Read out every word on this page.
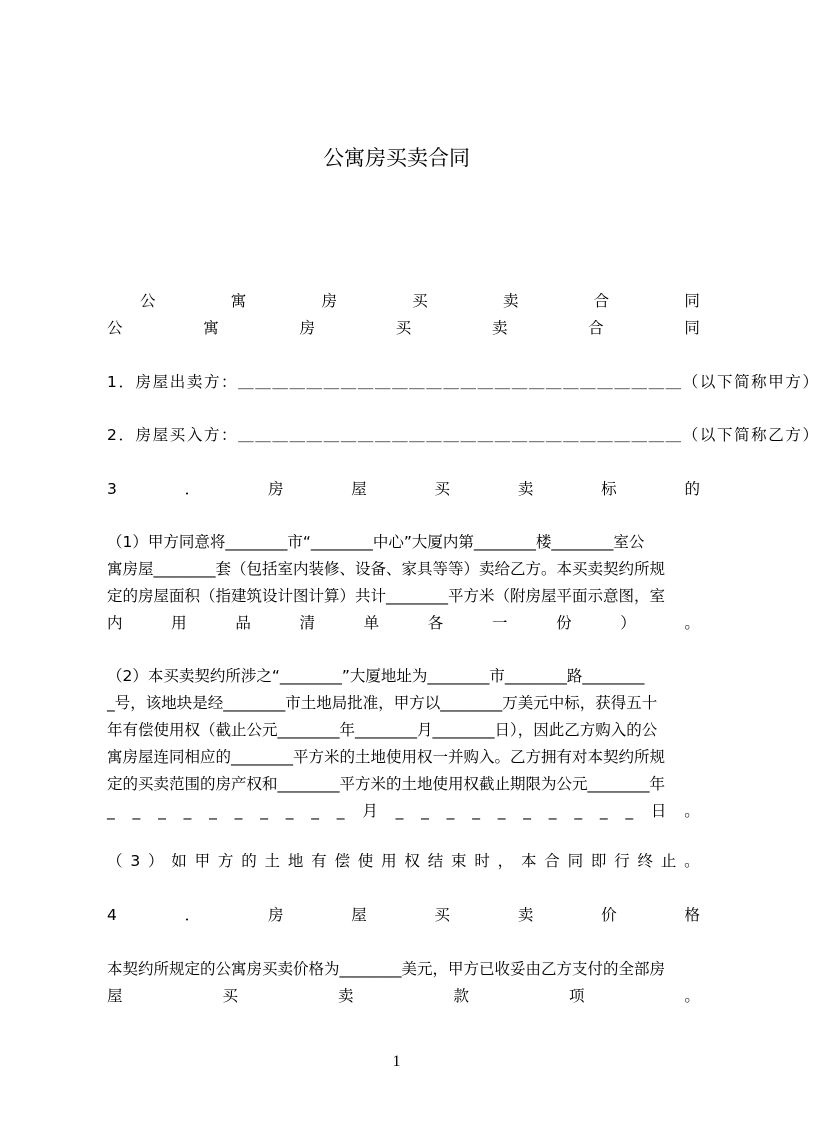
公寓房买卖合同
公	寓	房	买	卖	合	同
公	寓	房	买	卖	合	同
1．房屋出卖方：＿＿＿＿＿＿＿＿＿＿＿＿＿＿＿＿＿＿＿＿＿＿＿＿＿＿（以下简称甲方）
2．房屋买入方：＿＿＿＿＿＿＿＿＿＿＿＿＿＿＿＿＿＿＿＿＿＿＿＿＿＿（以下简称乙方）
3	．	房	屋	买	卖	标	的
（1）甲方同意将________市“________中心”大厦内第________楼________室公
寓房屋________套（包括室内装修、设备、家具等等）卖给乙方。本买卖契约所规
定的房屋面积（指建筑设计图计算）共计________平方米（附房屋平面示意图，室
内	用	品	清	单	各	一	份	）	。
（2）本买卖契约所涉之“________”大厦地址为________市________路________
_号，该地块是经________市土地局批准，甲方以________万美元中标，获得五十
年有偿使用权（截止公元________年________月________日），因此乙方购入的公
寓房屋连同相应的________平方米的土地使用权一并购入。乙方拥有对本契约所规
定的买卖范围的房产权和________平方米的土地使用权截止期限为公元________年
_ _ _ _ _ _ _ _ _ _ 月 _ _ _ _ _ _ _ _ _ _ 日 。
（ 3 ） 如 甲 方 的 土 地 有 偿 使 用 权 结 束 时 ， 本 合 同 即 行 终 止 。
4	．	房	屋	买	卖	价	格
本契约所规定的公寓房买卖价格为________美元，甲方已收妥由乙方支付的全部房
屋	买	卖	款	项	。
1
